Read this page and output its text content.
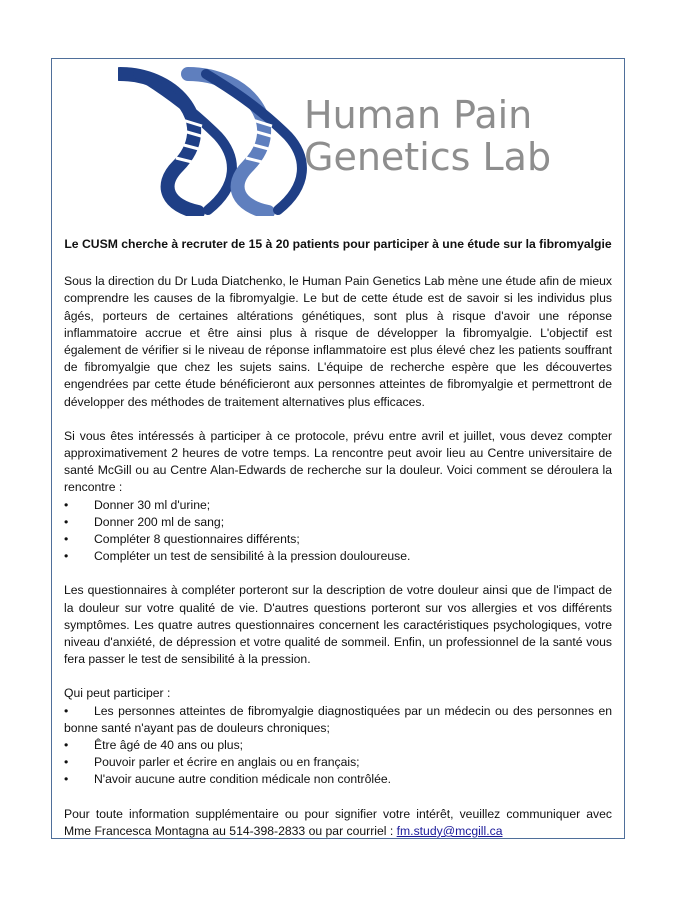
Human Pain
Genetics Lab

Le CUSM cherche à recruter de 15 à 20 patients pour participer à une étude sur la fibromyalgie

Sous la direction du Dr Luda Diatchenko, le Human Pain Genetics Lab mène une étude afin de mieux comprendre les causes de la fibromyalgie. Le but de cette étude est de savoir si les individus plus âgés, porteurs de certaines altérations génétiques, sont plus à risque d'avoir une réponse inflammatoire accrue et être ainsi plus à risque de développer la fibromyalgie. L'objectif est également de vérifier si le niveau de réponse inflammatoire est plus élevé chez les patients souffrant de fibromyalgie que chez les sujets sains. L'équipe de recherche espère que les découvertes engendrées par cette étude bénéficieront aux personnes atteintes de fibromyalgie et permettront de développer des méthodes de traitement alternatives plus efficaces.

Si vous êtes intéressés à participer à ce protocole, prévu entre avril et juillet, vous devez compter approximativement 2 heures de votre temps. La rencontre peut avoir lieu au Centre universitaire de santé McGill ou au Centre Alan-Edwards de recherche sur la douleur. Voici comment se déroulera la rencontre :

• Donner 30 ml d'urine;
• Donner 200 ml de sang;
• Compléter 8 questionnaires différents;
• Compléter un test de sensibilité à la pression douloureuse.

Les questionnaires à compléter porteront sur la description de votre douleur ainsi que de l'impact de la douleur sur votre qualité de vie. D'autres questions porteront sur vos allergies et vos différents symptômes. Les quatre autres questionnaires concernent les caractéristiques psychologiques, votre niveau d'anxiété, de dépression et votre qualité de sommeil. Enfin, un professionnel de la santé vous fera passer le test de sensibilité à la pression.

Qui peut participer :

• Les personnes atteintes de fibromyalgie diagnostiquées par un médecin ou des personnes en bonne santé n'ayant pas de douleurs chroniques;
• Être âgé de 40 ans ou plus;
• Pouvoir parler et écrire en anglais ou en français;
• N'avoir aucune autre condition médicale non contrôlée.

Pour toute information supplémentaire ou pour signifier votre intérêt, veuillez communiquer avec Mme Francesca Montagna au 514-398-2833 ou par courriel : fm.study@mcgill.ca
